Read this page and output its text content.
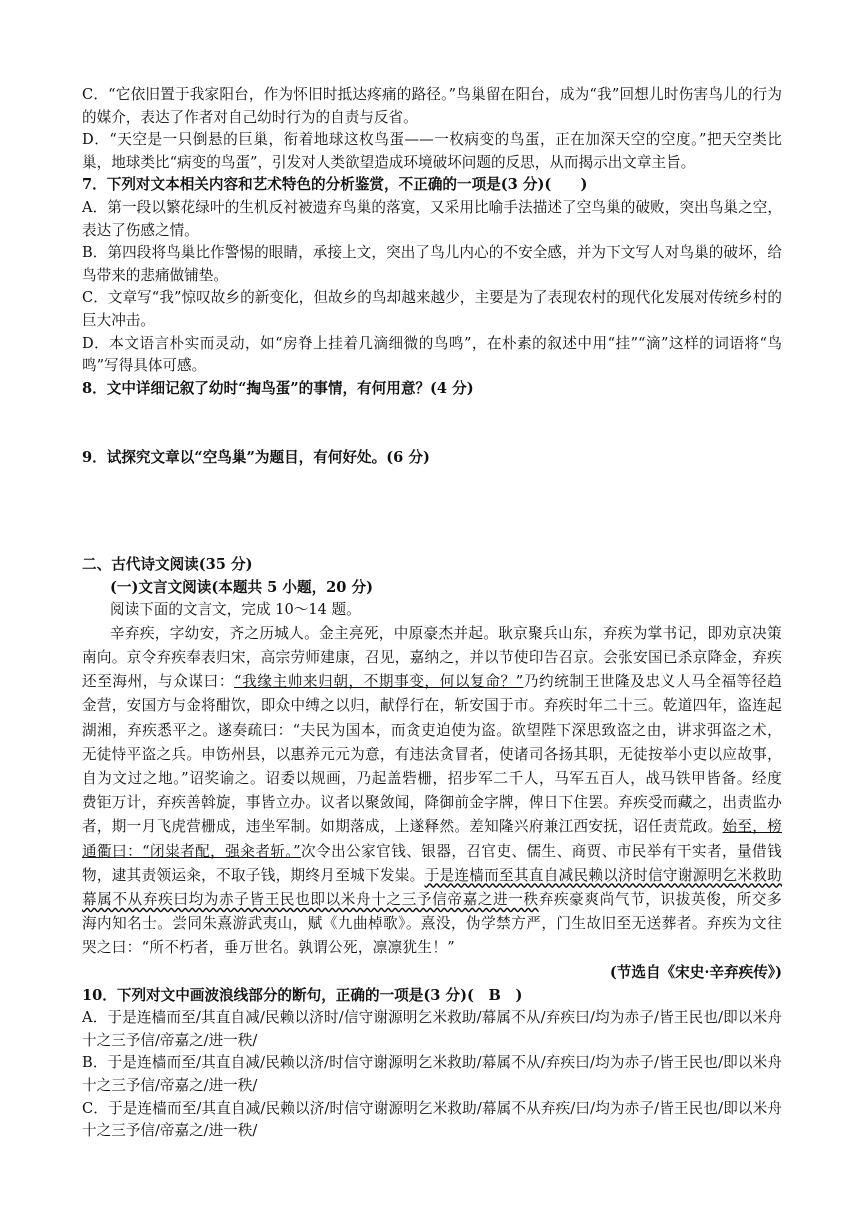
C．“它依旧置于我家阳台，作为怀旧时抵达疼痛的路径。”鸟巢留在阳台，成为“我”回想儿时伤害鸟儿的行为的媒介，表达了作者对自己幼时行为的自责与反省。

D．“天空是一只倒悬的巨巢，衔着地球这枚鸟蛋——一枚病变的鸟蛋，正在加深天空的空度。”把天空类比巢，地球类比“病变的鸟蛋”，引发对人类欲望造成环境破坏问题的反思，从而揭示出文章主旨。

7．下列对文本相关内容和艺术特色的分析鉴赏，不正确的一项是(3 分)(　　)

A．第一段以繁花绿叶的生机反衬被遗弃鸟巢的落寞，又采用比喻手法描述了空鸟巢的破败，突出鸟巢之空，表达了伤感之情。

B．第四段将鸟巢比作警惕的眼睛，承接上文，突出了鸟儿内心的不安全感，并为下文写人对鸟巢的破坏，给鸟带来的悲痛做铺垫。

C．文章写“我”惊叹故乡的新变化，但故乡的鸟却越来越少，主要是为了表现农村的现代化发展对传统乡村的巨大冲击。

D．本文语言朴实而灵动，如“房脊上挂着几滴细微的鸟鸣”，在朴素的叙述中用“挂”“滴”这样的词语将“鸟鸣”写得具体可感。

8．文中详细记叙了幼时“掏鸟蛋”的事情，有何用意？(4 分)

9．试探究文章以“空鸟巢”为题目，有何好处。(6 分)

二、古代诗文阅读(35 分)

(一)文言文阅读(本题共 5 小题，20 分)

阅读下面的文言文，完成 10～14 题。

辛弃疾，字幼安，齐之历城人。金主亮死，中原豪杰并起。耿京聚兵山东，弃疾为掌书记，即劝京决策南向。京令弃疾奉表归宋，高宗劳师建康，召见，嘉纳之，并以节使印告召京。会张安国已杀京降金，弃疾还至海州，与众谋曰：“我缘主帅来归朝，不期事变，何以复命？”乃约统制王世隆及忠义人马全福等径趋金营，安国方与金将酣饮，即众中缚之以归，献俘行在，斩安国于市。弃疾时年二十三。乾道四年，盗连起湖湘，弃疾悉平之。遂奏疏曰：“夫民为国本，而贪吏迫使为盗。欲望陛下深思致盗之由，讲求弭盗之术，无徒恃平盗之兵。申饬州县，以惠养元元为意，有违法贪冒者，使诸司各扬其职，无徒按举小吏以应故事，自为文过之地。”诏奖谕之。诏委以规画，乃起盖砦栅，招步军二千人，马军五百人，战马铁甲皆备。经度费钜万计，弃疾善斡旋，事皆立办。议者以聚敛闻，降御前金字牌，俾日下住罢。弃疾受而藏之，出责监办者，期一月飞虎营栅成，违坐军制。如期落成，上遂释然。差知隆兴府兼江西安抚，诏任责荒政。始至，榜通衢曰：“闭粜者配，强籴者斩。”次令出公家官钱、银器，召官吏、儒生、商贾、市民举有干实者，量借钱物，逮其责领运籴，不取子钱，期终月至城下发粜。于是连樯而至其直自减民赖以济时信守谢源明乞米救助幕属不从弃疾曰均为赤子皆王民也即以米舟十之三予信帝嘉之进一秩弃疾豪爽尚气节，识拔英俊，所交多海内知名士。尝同朱熹游武夷山，赋《九曲棹歌》。熹没，伪学禁方严，门生故旧至无送葬者。弃疾为文往哭之曰：“所不朽者，垂万世名。孰谓公死，凛凛犹生！”

(节选自《宋史·辛弃疾传》)

10．下列对文中画波浪线部分的断句，正确的一项是(3 分)(　B　)

A．于是连樯而至/其直自减/民赖以济时/信守谢源明乞米救助/幕属不从/弃疾曰/均为赤子/皆王民也/即以米舟十之三予信/帝嘉之/进一秩/

B．于是连樯而至/其直自减/民赖以济/时信守谢源明乞米救助/幕属不从/弃疾曰/均为赤子/皆王民也/即以米舟十之三予信/帝嘉之/进一秩/

C．于是连樯而至/其直自减/民赖以济/时信守谢源明乞米救助/幕属不从弃疾/曰/均为赤子/皆王民也/即以米舟十之三予信/帝嘉之/进一秩/
